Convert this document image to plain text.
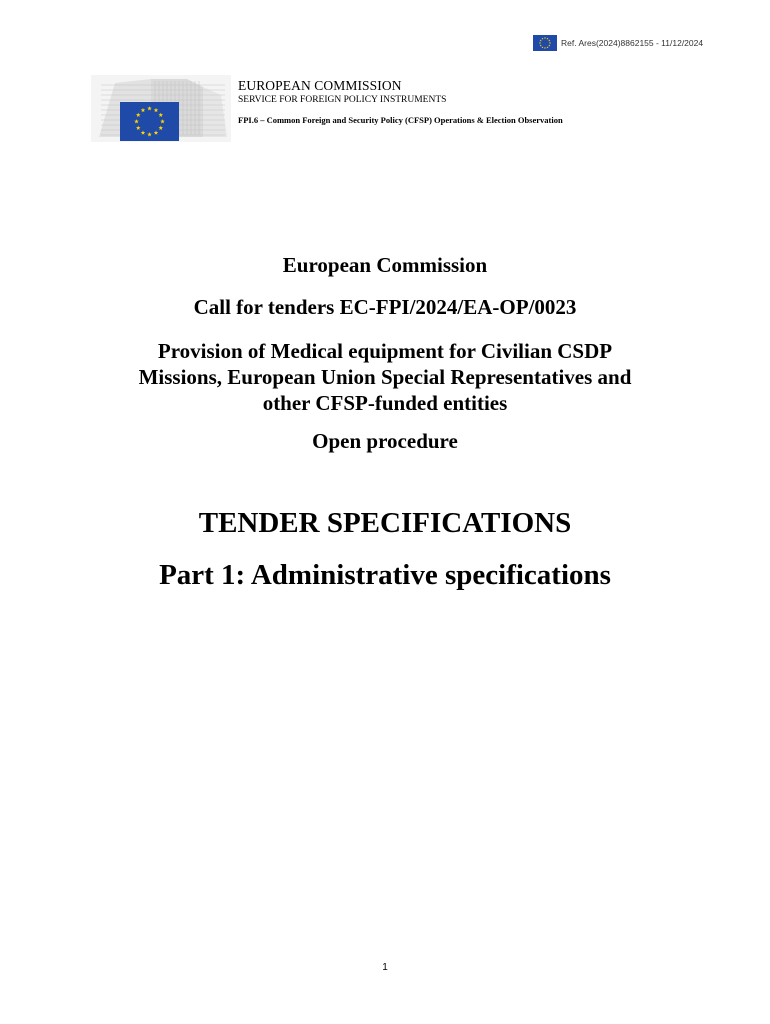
Ref. Ares(2024)8862155 - 11/12/2024
EUROPEAN COMMISSION
SERVICE FOR FOREIGN POLICY INSTRUMENTS
FPI.6 – Common Foreign and Security Policy (CFSP) Operations & Election Observation
European Commission
Call for tenders EC-FPI/2024/EA-OP/0023
Provision of Medical equipment for Civilian CSDP
Missions, European Union Special Representatives and
other CFSP-funded entities
Open procedure
TENDER SPECIFICATIONS
Part 1: Administrative specifications
1
